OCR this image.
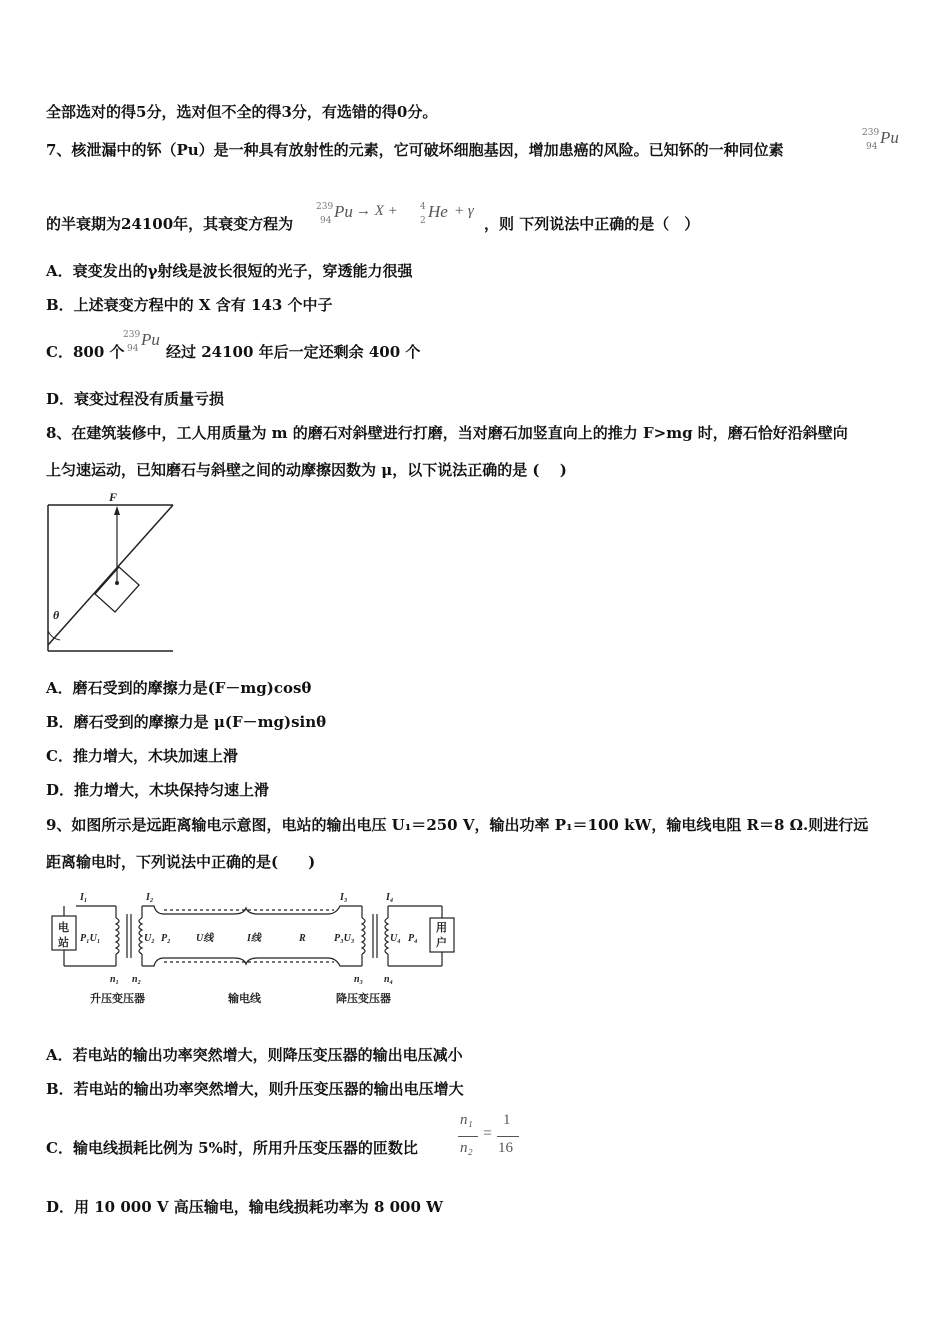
全部选对的得5分，选对但不全的得3分，有选错的得0分。
7、核泄漏中的钚（Pu）是一种具有放射性的元素，它可破坏细胞基因，增加患癌的风险。已知钚的一种同位素
239
94 Pu
的半衰期为24100年，其衰变方程为
239
94 Pu → X + 4
2 He + γ
，则 下列说法中正确的是（　）
A．衰变发出的γ射线是波长很短的光子，穿透能力很强
B．上述衰变方程中的 X 含有 143 个中子
C．800 个
239
94 Pu
经过 24100 年后一定还剩余 400 个
D．衰变过程没有质量亏损
8、在建筑装修中，工人用质量为 m 的磨石对斜壁进行打磨，当对磨石加竖直向上的推力 F>mg 时，磨石恰好沿斜壁向
上匀速运动，已知磨石与斜壁之间的动摩擦因数为 μ，以下说法正确的是 (　 )
F
θ
A．磨石受到的摩擦力是(F－mg)cosθ
B．磨石受到的摩擦力是 μ(F－mg)sinθ
C．推力增大，木块加速上滑
D．推力增大，木块保持匀速上滑
9、如图所示是远距离输电示意图，电站的输出电压 U₁＝250 V，输出功率 P₁＝100 kW，输电线电阻 R＝8 Ω.则进行远
距离输电时，下列说法中正确的是(　　)
电
站
用
户
I₁	I₂	I₃	I₄
P₁U₁	U₂ P₂	U线	I线	R	P₃U₃	U₄ P₄
n₁ n₂	n₃ n₄
升压变压器	输电线	降压变压器
A．若电站的输出功率突然增大，则降压变压器的输出电压减小
B．若电站的输出功率突然增大，则升压变压器的输出电压增大
C．输电线损耗比例为 5%时，所用升压变压器的匝数比
n₁
n₂
=
1
16
D．用 10 000 V 高压输电，输电线损耗功率为 8 000 W
